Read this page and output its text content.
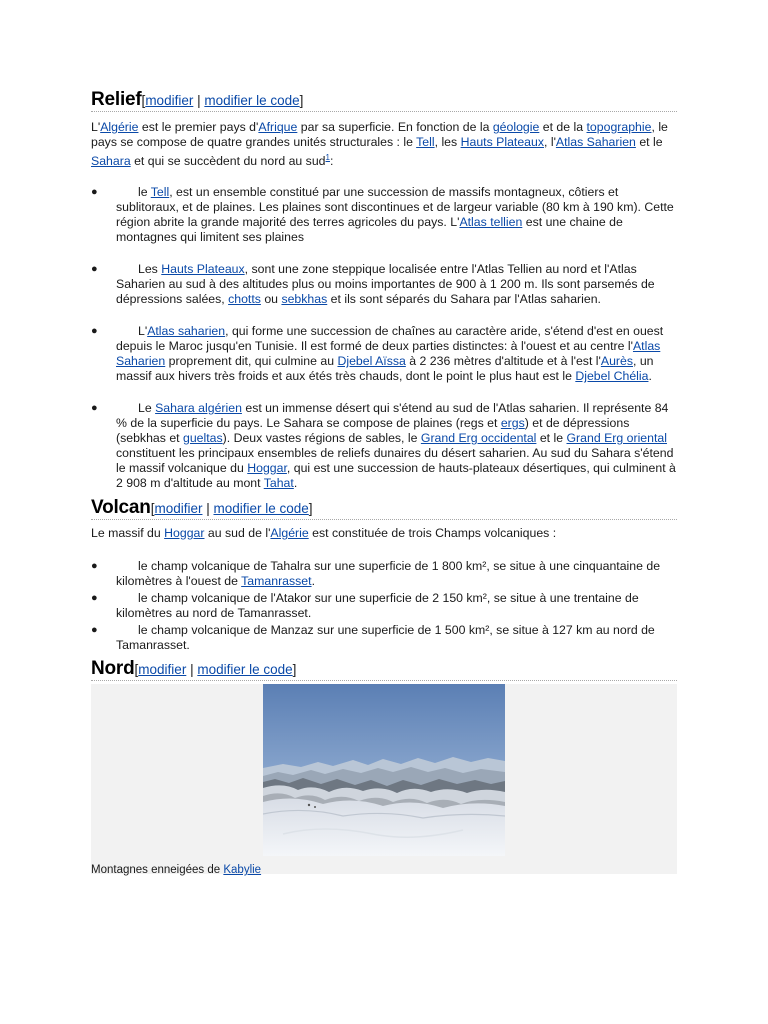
Relief [modifier | modifier le code]

L'Algérie est le premier pays d'Afrique par sa superficie. En fonction de la géologie et de la topographie, le pays se compose de quatre grandes unités structurales : le Tell, les Hauts Plateaux, l'Atlas Saharien et le Sahara et qui se succèdent du nord au sud$^1$:

●	le Tell, est un ensemble constitué par une succession de massifs montagneux, côtiers et sublitoraux, et de plaines. Les plaines sont discontinues et de largeur variable (80 km à 190 km). Cette région abrite la grande majorité des terres agricoles du pays. L'Atlas tellien est une chaine de montagnes qui limitent ses plaines
●	Les Hauts Plateaux, sont une zone steppique localisée entre l'Atlas Tellien au nord et l'Atlas Saharien au sud à des altitudes plus ou moins importantes de 900 à 1 200 m. Ils sont parsemés de dépressions salées, chotts ou sebkhas et ils sont séparés du Sahara par l'Atlas saharien.
●	L'Atlas saharien, qui forme une succession de chaînes au caractère aride, s'étend d'est en ouest depuis le Maroc jusqu'en Tunisie. Il est formé de deux parties distinctes: à l'ouest et au centre l'Atlas Saharien proprement dit, qui culmine au Djebel Aïssa à 2 236 mètres d'altitude et à l'est l'Aurès, un massif aux hivers très froids et aux étés très chauds, dont le point le plus haut est le Djebel Chélia.
●	Le Sahara algérien est un immense désert qui s'étend au sud de l'Atlas saharien. Il représente 84 % de la superficie du pays. Le Sahara se compose de plaines (regs et ergs) et de dépressions (sebkhas et gueltas). Deux vastes régions de sables, le Grand Erg occidental et le Grand Erg oriental constituent les principaux ensembles de reliefs dunaires du désert saharien. Au sud du Sahara s'étend le massif volcanique du Hoggar, qui est une succession de hauts-plateaux désertiques, qui culminent à 2 908 m d'altitude au mont Tahat.
Volcan [modifier | modifier le code]

Le massif du Hoggar au sud de l'Algérie est constituée de trois Champs volcaniques :

●	le champ volcanique de Tahalra sur une superficie de 1 800 km², se situe à une cinquantaine de kilomètres à l'ouest de Tamanrasset.
●	le champ volcanique de l'Atakor sur une superficie de 2 150 km², se situe à une trentaine de kilomètres au nord de Tamanrasset.
●	le champ volcanique de Manzaz sur une superficie de 1 500 km², se situe à 127 km au nord de Tamanrasset.
Nord [modifier | modifier le code]
Montagnes enneigées de Kabylie
